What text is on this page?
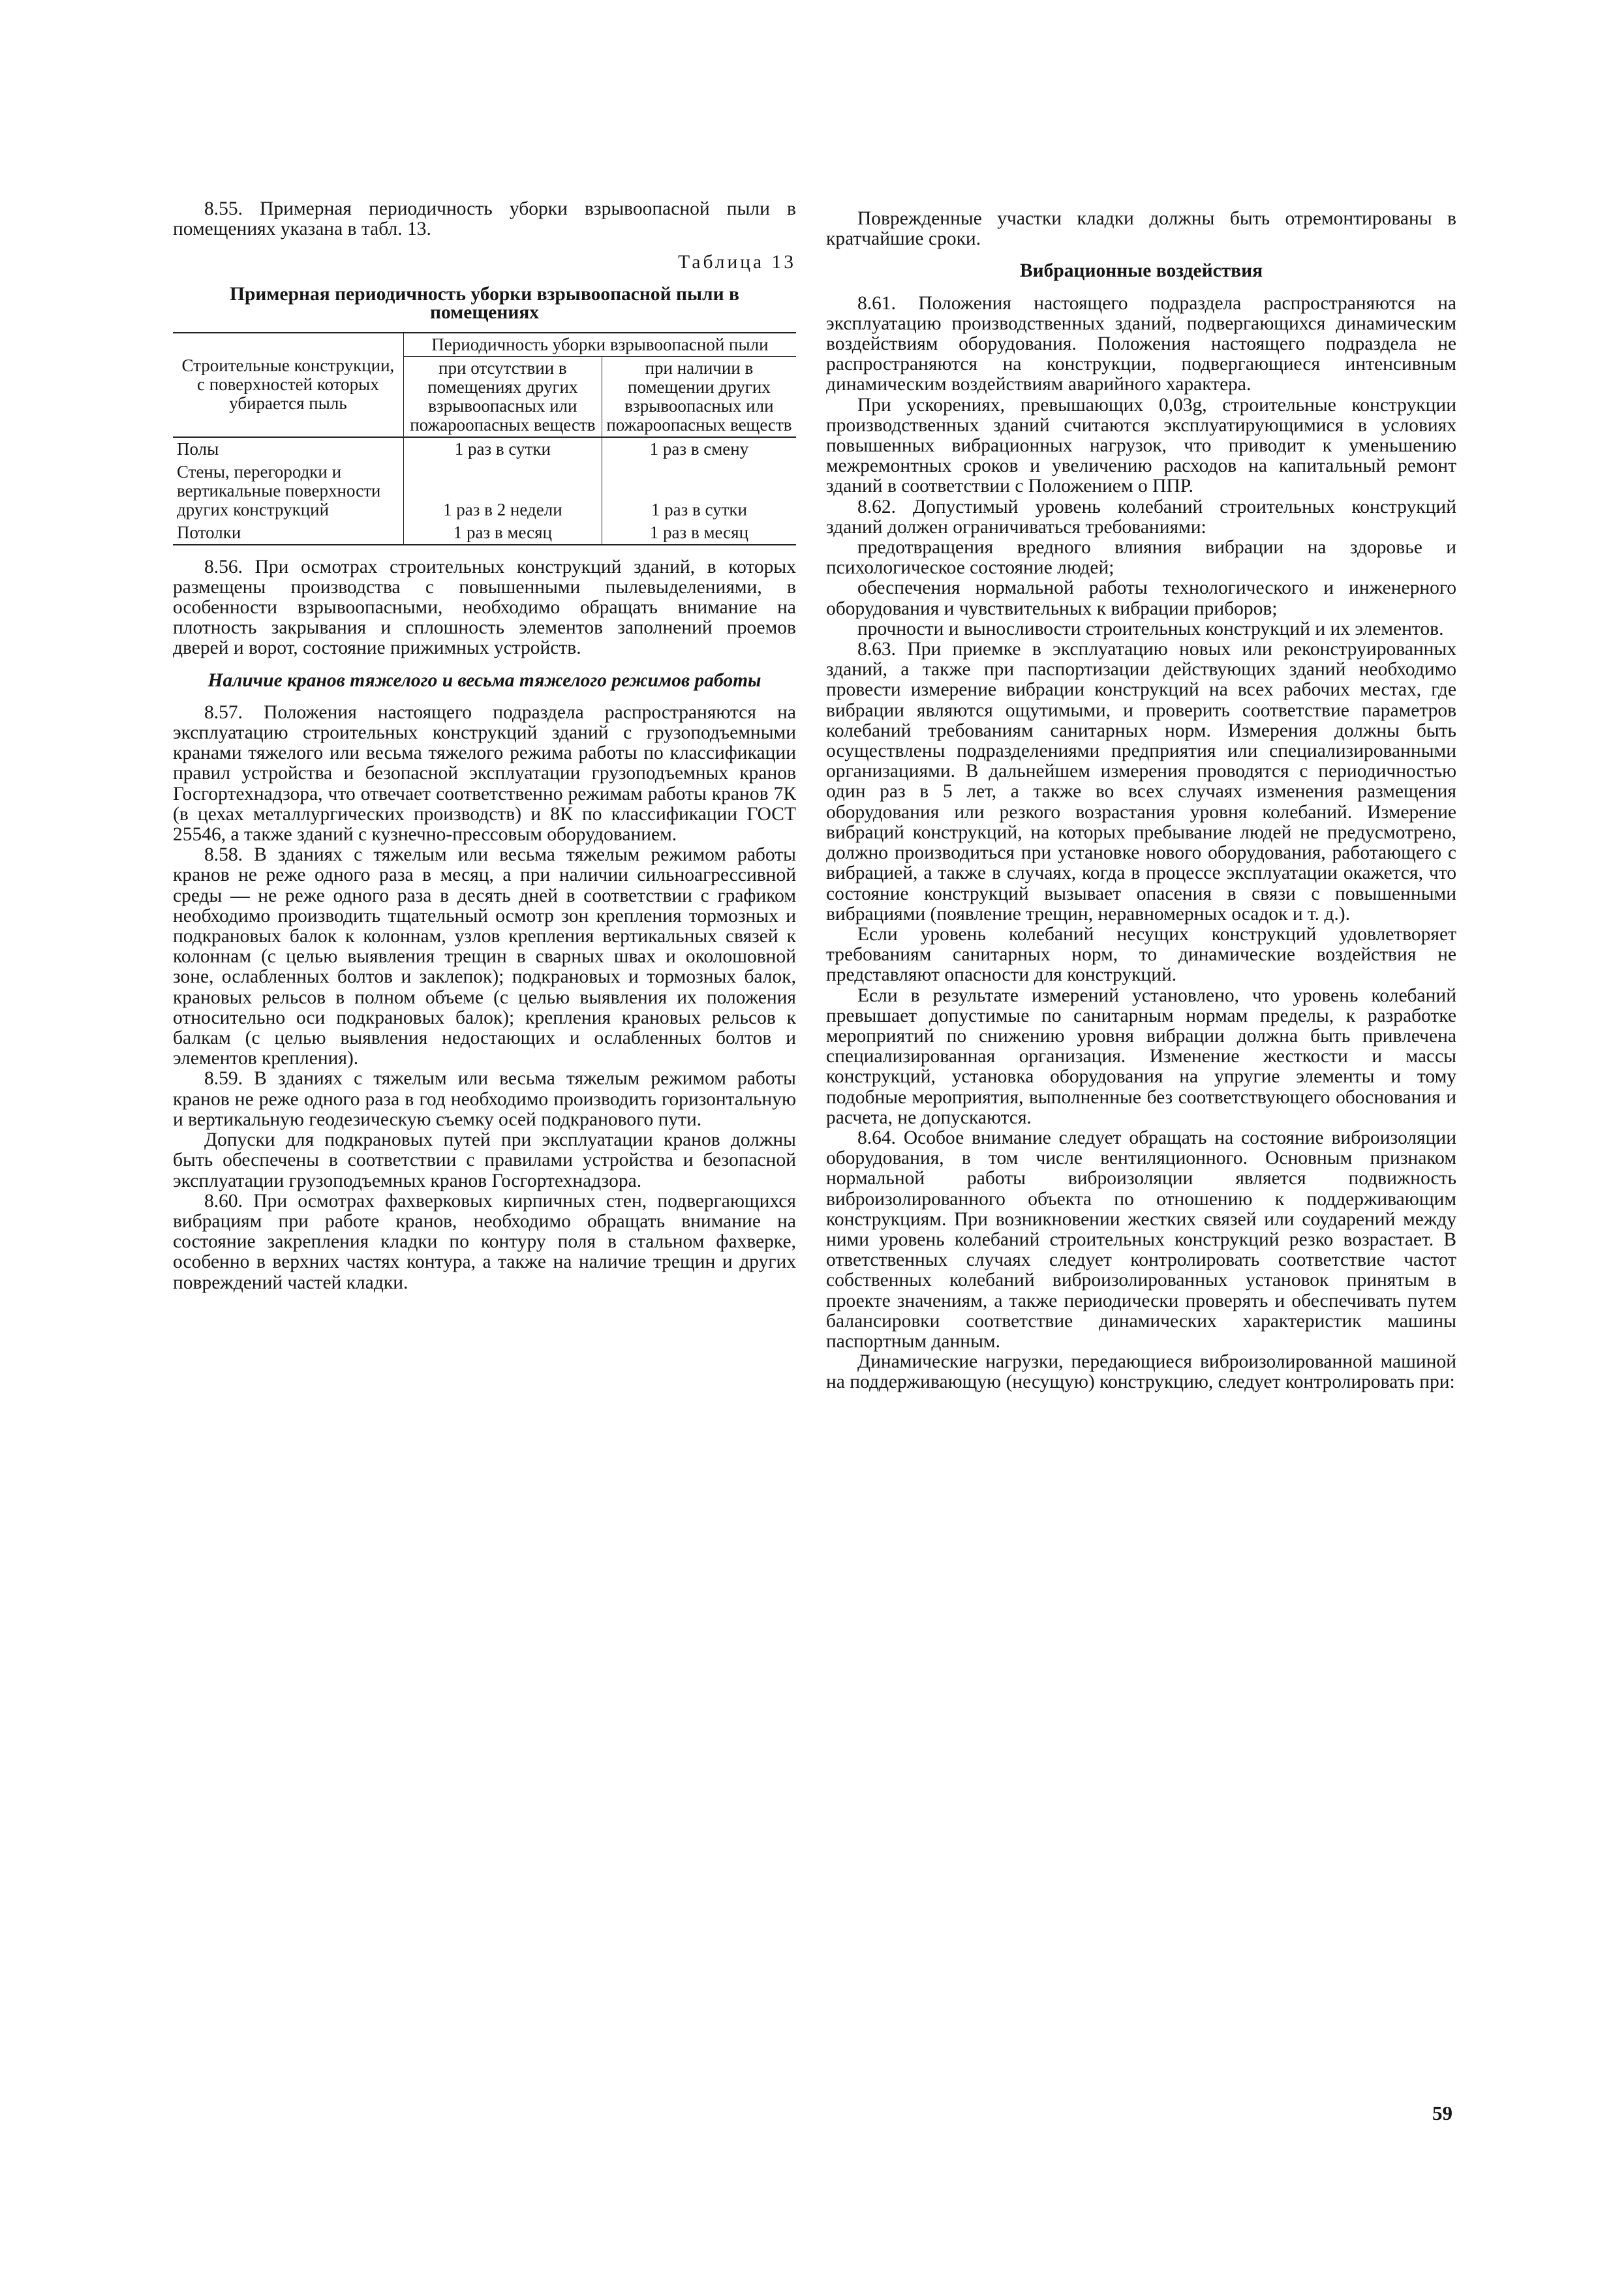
8.55. Примерная периодичность уборки взрывоопасной пыли в помещениях указана в табл. 13.

Таблица 13

Примерная периодичность уборки взрывоопасной пыли в помещениях

Строительные конструкции, с поверхностей которых убирается пыль	Периодичность уборки взрывоопасной пыли	
	при отсутствии в помещениях других взрывоопасных или пожароопасных веществ	при наличии в помещении других взрывоопасных или пожароопасных веществ
Полы	1 раз в сутки	1 раз в смену
Стены, перегородки и вертикальные поверхности других конструкций	1 раз в 2 недели	1 раз в сутки
Потолки	1 раз в месяц	1 раз в месяц

8.56. При осмотрах строительных конструкций зданий, в которых размещены производства с повышенными пылевыделениями, в особенности взрывоопасными, необходимо обращать внимание на плотность закрывания и сплошность элементов заполнений проемов дверей и ворот, состояние прижимных устройств.

Наличие кранов тяжелого и весьма тяжелого режимов работы

8.57. Положения настоящего подраздела распространяются на эксплуатацию строительных конструкций зданий с грузоподъемными кранами тяжелого или весьма тяжелого режима работы по классификации правил устройства и безопасной эксплуатации грузоподъемных кранов Госгортехнадзора, что отвечает соответственно режимам работы кранов 7К (в цехах металлургических производств) и 8К по классификации ГОСТ 25546, а также зданий с кузнечно-прессовым оборудованием.

8.58. В зданиях с тяжелым или весьма тяжелым режимом работы кранов не реже одного раза в месяц, а при наличии сильноагрессивной среды — не реже одного раза в десять дней в соответствии с графиком необходимо производить тщательный осмотр зон крепления тормозных и подкрановых балок к колоннам, узлов крепления вертикальных связей к колоннам (с целью выявления трещин в сварных швах и околошовной зоне, ослабленных болтов и заклепок); подкрановых и тормозных балок, крановых рельсов в полном объеме (с целью выявления их положения относительно оси подкрановых балок); крепления крановых рельсов к балкам (с целью выявления недостающих и ослабленных болтов и элементов крепления).

8.59. В зданиях с тяжелым или весьма тяжелым режимом работы кранов не реже одного раза в год необходимо производить горизонтальную и вертикальную геодезическую съемку осей подкранового пути.

Допуски для подкрановых путей при эксплуатации кранов должны быть обеспечены в соответствии с правилами устройства и безопасной эксплуатации грузоподъемных кранов Госгортехнадзора.

8.60. При осмотрах фахверковых кирпичных стен, подвергающихся вибрациям при работе кранов, необходимо обращать внимание на состояние закрепления кладки по контуру поля в стальном фахверке, особенно в верхних частях контура, а также на наличие трещин и других повреждений частей кладки.

Поврежденные участки кладки должны быть отремонтированы в кратчайшие сроки.

Вибрационные воздействия

8.61. Положения настоящего подраздела распространяются на эксплуатацию производственных зданий, подвергающихся динамическим воздействиям оборудования. Положения настоящего подраздела не распространяются на конструкции, подвергающиеся интенсивным динамическим воздействиям аварийного характера.

При ускорениях, превышающих 0,03g, строительные конструкции производственных зданий считаются эксплуатирующимися в условиях повышенных вибрационных нагрузок, что приводит к уменьшению межремонтных сроков и увеличению расходов на капитальный ремонт зданий в соответствии с Положением о ППР.

8.62. Допустимый уровень колебаний строительных конструкций зданий должен ограничиваться требованиями:

предотвращения вредного влияния вибрации на здоровье и психологическое состояние людей;

обеспечения нормальной работы технологического и инженерного оборудования и чувствительных к вибрации приборов;

прочности и выносливости строительных конструкций и их элементов.

8.63. При приемке в эксплуатацию новых или реконструированных зданий, а также при паспортизации действующих зданий необходимо провести измерение вибрации конструкций на всех рабочих местах, где вибрации являются ощутимыми, и проверить соответствие параметров колебаний требованиям санитарных норм. Измерения должны быть осуществлены подразделениями предприятия или специализированными организациями. В дальнейшем измерения проводятся с периодичностью один раз в 5 лет, а также во всех случаях изменения размещения оборудования или резкого возрастания уровня колебаний. Измерение вибраций конструкций, на которых пребывание людей не предусмотрено, должно производиться при установке нового оборудования, работающего с вибрацией, а также в случаях, когда в процессе эксплуатации окажется, что состояние конструкций вызывает опасения в связи с повышенными вибрациями (появление трещин, неравномерных осадок и т. д.).

Если уровень колебаний несущих конструкций удовлетворяет требованиям санитарных норм, то динамические воздействия не представляют опасности для конструкций.

Если в результате измерений установлено, что уровень колебаний превышает допустимые по санитарным нормам пределы, к разработке мероприятий по снижению уровня вибрации должна быть привлечена специализированная организация. Изменение жесткости и массы конструкций, установка оборудования на упругие элементы и тому подобные мероприятия, выполненные без соответствующего обоснования и расчета, не допускаются.

8.64. Особое внимание следует обращать на состояние виброизоляции оборудования, в том числе вентиляционного. Основным признаком нормальной работы виброизоляции является подвижность виброизолированного объекта по отношению к поддерживающим конструкциям. При возникновении жестких связей или соударений между ними уровень колебаний строительных конструкций резко возрастает. В ответственных случаях следует контролировать соответствие частот собственных колебаний виброизолированных установок принятым в проекте значениям, а также периодически проверять и обеспечивать путем балансировки соответствие динамических характеристик машины паспортным данным.

Динамические нагрузки, передающиеся виброизолированной машиной на поддерживающую (несущую) конструкцию, следует контролировать при:

59
